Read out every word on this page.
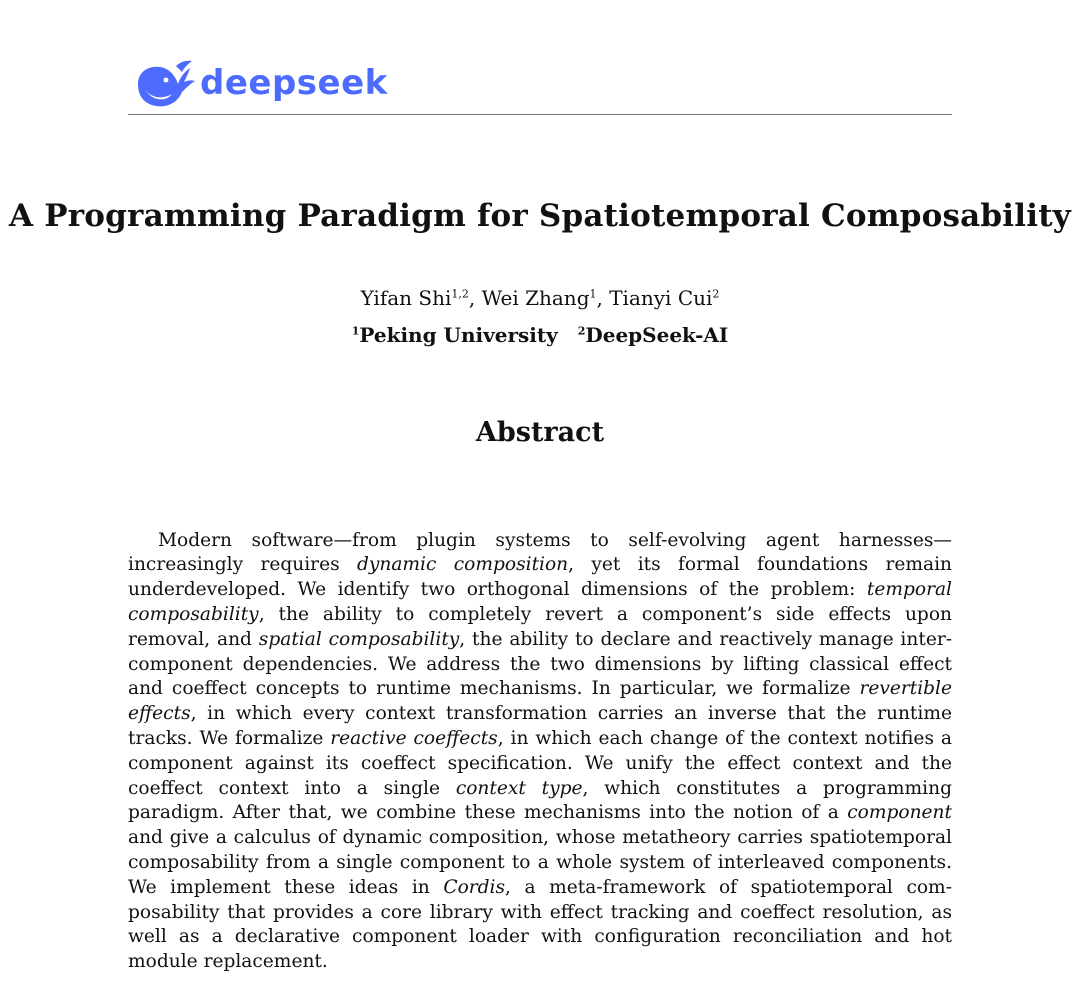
deepseek
A Programming Paradigm for Spatiotemporal Composability
Yifan Shi$^{1,2}$, Wei Zhang$^1$, Tianyi Cui$^2$
$^1$Peking University $^2$DeepSeek-AI
Abstract

Modern software—from plugin systems to self-evolving agent harnesses—increasingly requires dynamic composition, yet its formal foundations remain underdeveloped. We identify two orthogonal dimensions of the problem: temporal composability, the ability to completely revert a component’s side effects upon removal, and spatial composability, the ability to declare and reactively manage inter-component dependencies. We address the two dimensions by lifting classical effect and coeffect concepts to runtime mechanisms. In particular, we formalize revertible effects, in which every context transformation carries an inverse that the runtime tracks. We formalize reactive coeffects, in which each change of the context notifies a component against its coeffect specification. We unify the effect context and the coeffect context into a single context type, which constitutes a programming paradigm. After that, we combine these mechanisms into the notion of a component and give a calculus of dynamic composition, whose metatheory carries spatiotemporal composability from a single component to a whole system of interleaved components. We implement these ideas in Cordis, a meta-framework of spatiotemporal composability that provides a core library with effect tracking and coeffect resolution, as well as a declarative component loader with configuration reconciliation and hot module replacement.
